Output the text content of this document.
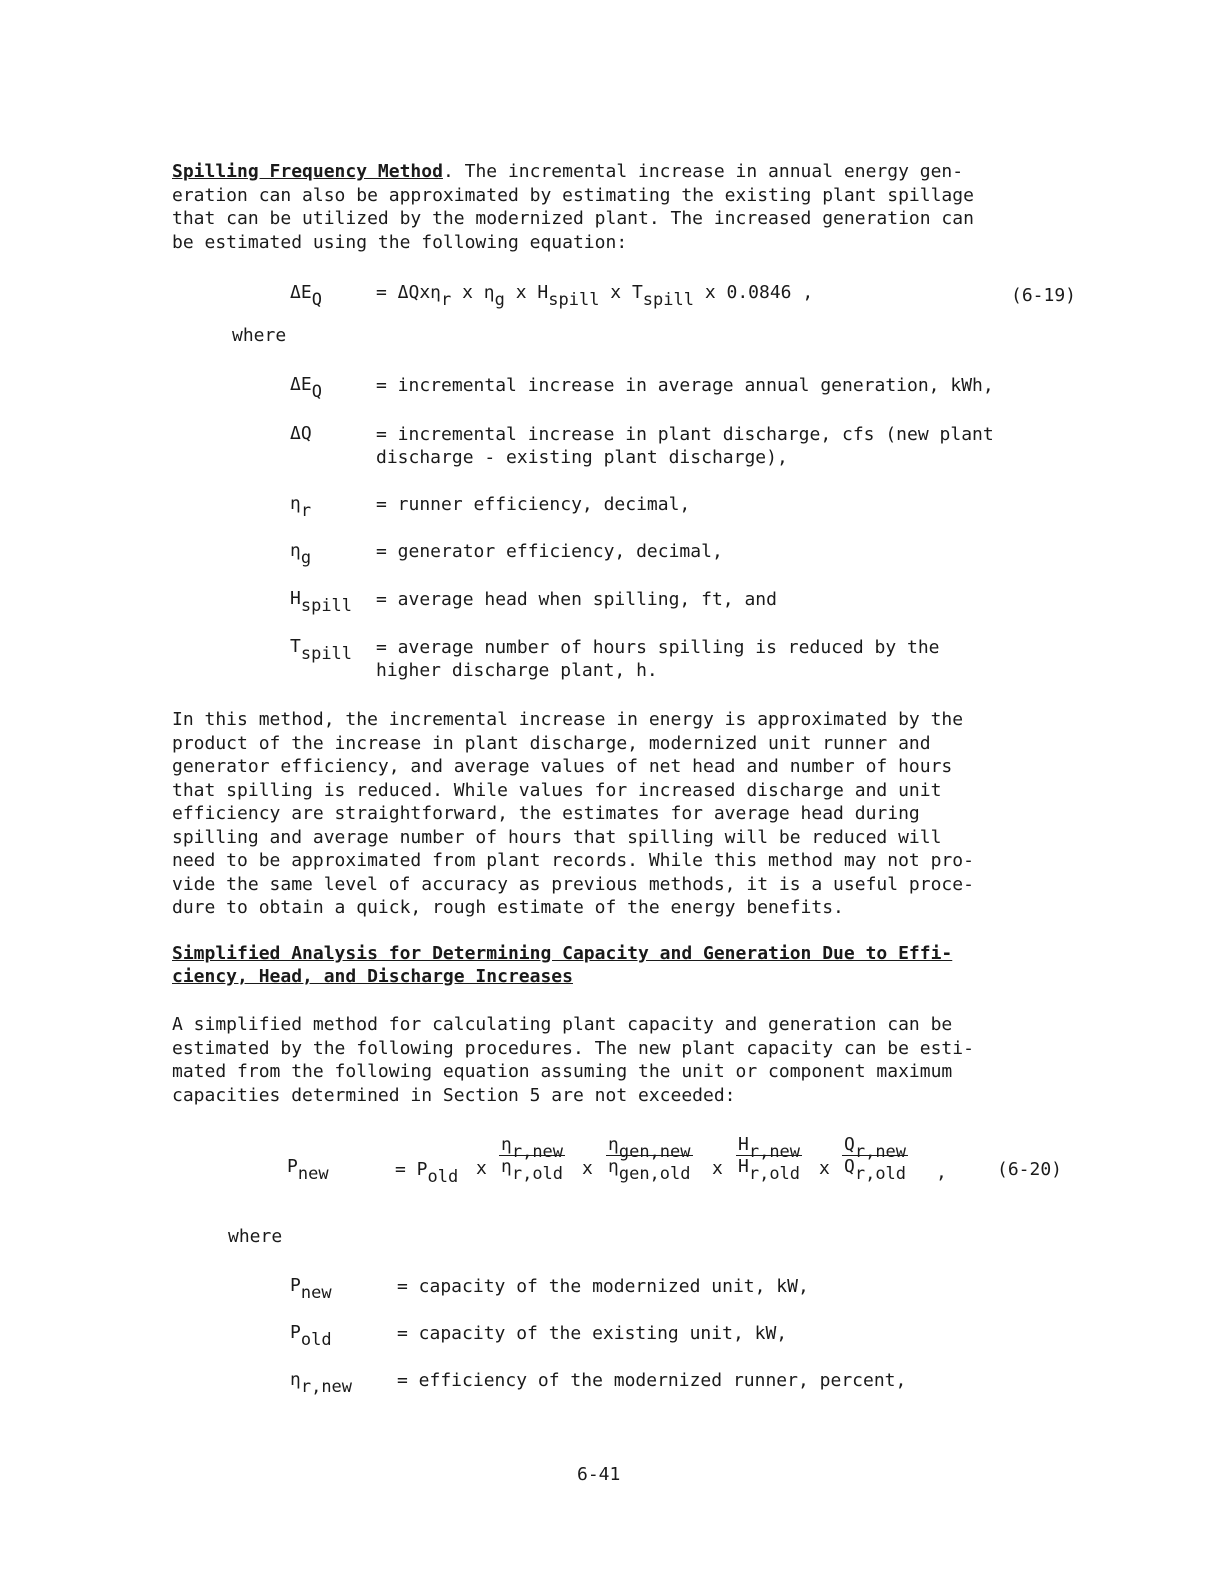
Spilling Frequency Method. The incremental increase in annual energy gen-
eration can also be approximated by estimating the existing plant spillage
that can be utilized by the modernized plant. The increased generation can
be estimated using the following equation:

$\Delta E_Q$	= ΔQxη$_r$ x $\eta_g$ x $H_{spill}$ x $T_{spill}$ x 0.0846 ,	(6-19)
where
$\Delta E_Q$	= incremental increase in average annual generation, kWh,
ΔQ	= incremental increase in plant discharge, cfs (new plant
discharge - existing plant discharge),
$\eta_r$	= runner efficiency, decimal,
$\eta_g$	= generator efficiency, decimal,
$H_{spill}$ = average head when spilling, ft, and
$T_{spill}$ = average number of hours spilling is reduced by the
higher discharge plant, h.

In this method, the incremental increase in energy is approximated by the
product of the increase in plant discharge, modernized unit runner and
generator efficiency, and average values of net head and number of hours
that spilling is reduced. While values for increased discharge and unit
efficiency are straightforward, the estimates for average head during
spilling and average number of hours that spilling will be reduced will
need to be approximated from plant records. While this method may not pro-
vide the same level of accuracy as previous methods, it is a useful proce-
dure to obtain a quick, rough estimate of the energy benefits.

Simplified Analysis for Determining Capacity and Generation Due to Effi-
ciency, Head, and Discharge Increases

A simplified method for calculating plant capacity and generation can be
estimated by the following procedures. The new plant capacity can be esti-
mated from the following equation assuming the unit or component maximum
capacities determined in Section 5 are not exceeded:

$P_{new}$	= $P_{old}$ x
$\eta_{r,new}$
$\eta_{r,old}$ x
$\eta_{gen,new}$
$\eta_{gen,old}$ x
$H_{r,new}$
$H_{r,old}$ x
$Q_{r,new}$
$Q_{r,old}$ ,	(6-20)
where
$P_{new}$	= capacity of the modernized unit, kW,
$P_{old}$	= capacity of the existing unit, kW,
$\eta_{r,new}$ = efficiency of the modernized runner, percent,
6-41
